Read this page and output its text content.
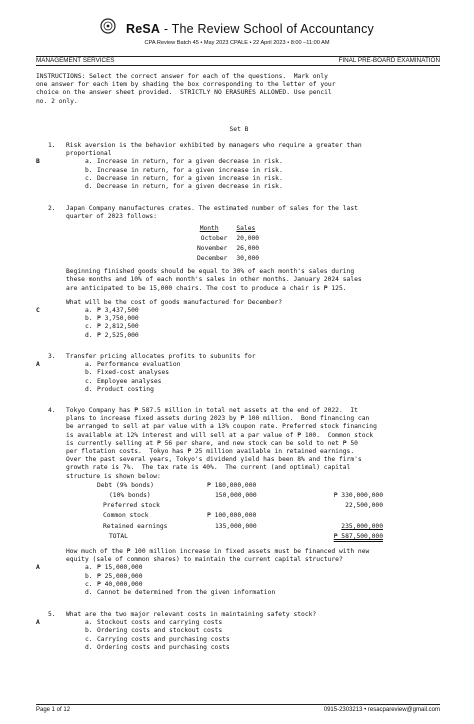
ReSA - The Review School of Accountancy
CPA Review Batch 45 • May 2023 CPALE • 22 April 2023 • 8:00 –11:00 AM
MANAGEMENT SERVICES	FINAL PRE-BOARD EXAMINATION
INSTRUCTIONS: Select the correct answer for each of the questions.  Mark only
one answer for each item by shading the box corresponding to the letter of your
choice on the answer sheet provided.  STRICTLY NO ERASURES ALLOWED. Use pencil
no. 2 only.
Set B
1. Risk aversion is the behavior exhibited by managers who require a greater than
proportional
B	a. Increase in return, for a given decrease in risk.
b. Increase in return, for a given increase in risk.
c. Decrease in return, for a given increase in risk.
d. Decrease in return, for a given decrease in risk.
2. Japan Company manufactures crates. The estimated number of sales for the last
quarter of 2023 follows:
Month	Sales
October	20,000
November	26,000
December	30,000
Beginning finished goods should be equal to 30% of each month's sales during
these months and 10% of each month's sales in other months. January 2024 sales
are anticipated to be 15,000 chairs. The cost to produce a chair is ₱ 125.
What will be the cost of goods manufactured for December?
C	a. ₱ 3,437,500
b. ₱ 3,750,000
c. ₱ 2,812,500
d. ₱ 2,525,000
3. Transfer pricing allocates profits to subunits for
A	a. Performance evaluation
b. Fixed-cost analyses
c. Employee analyses
d. Product costing
4. Tokyo Company has ₱ 587.5 million in total net assets at the end of 2022.  It
plans to increase fixed assets during 2023 by ₱ 100 million.  Bond financing can
be arranged to sell at par value with a 13% coupon rate. Preferred stock financing
is available at 12% interest and will sell at a par value of ₱ 100.  Common stock
is currently selling at ₱ 56 per share, and new stock can be sold to net ₱ 50
per flotation costs.  Tokyo has ₱ 25 million available in retained earnings.
Over the past several years, Tokyo's dividend yield has been 8% and the firm's
growth rate is 7%.  The tax rate is 40%.  The current (and optimal) capital
structure is shown below:
Debt (9% bonds)	₱ 180,000,000	
(10% bonds)	150,000,000	₱ 330,000,000
Preferred stock		22,500,000
Common stock	₱ 100,000,000	
Retained earnings	135,000,000	235,000,000
TOTAL		₱ 587,500,000
How much of the ₱ 100 million increase in fixed assets must be financed with new
equity (sale of common shares) to maintain the current capital structure?
A	a. ₱ 15,000,000
b. ₱ 25,000,000
c. ₱ 40,000,000
d. Cannot be determined from the given information
5. What are the two major relevant costs in maintaining safety stock?
A	a. Stockout costs and carrying costs
b. Ordering costs and stockout costs
c. Carrying costs and purchasing costs
d. Ordering costs and purchasing costs
Page 1 of 12	0915-2303213 • resacpareview@gmail.com
